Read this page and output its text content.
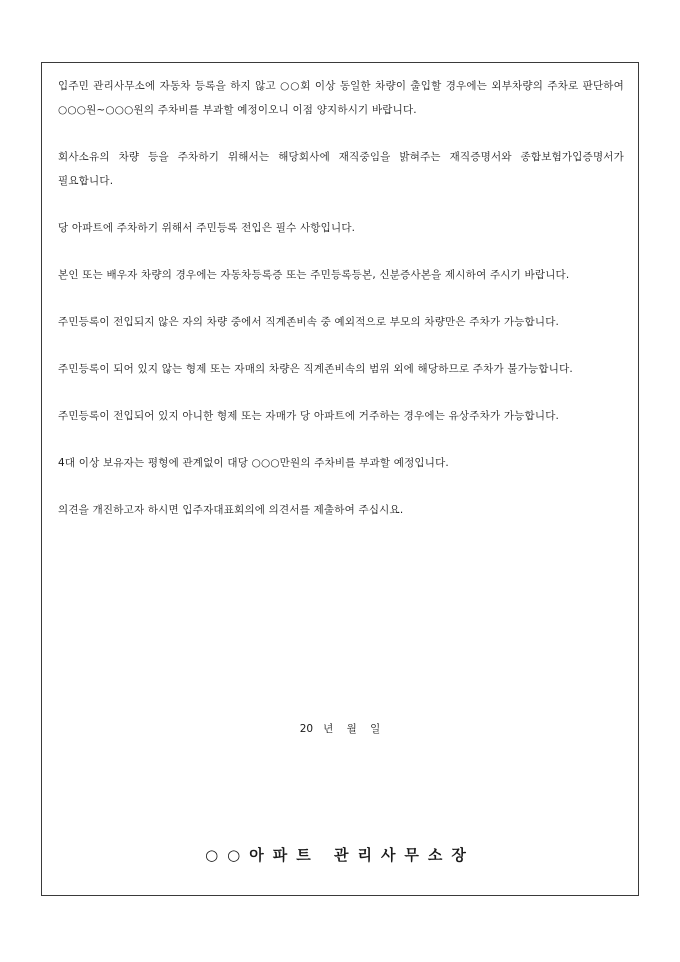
입주민 관리사무소에 자동차 등록을 하지 않고 ○○회 이상 동일한 차량이 출입할 경우에는 외부차량의 주차로 판단하여 ○○○원~○○○원의 주차비를 부과할 예정이오니 이점 양지하시기 바랍니다.

회사소유의 차량 등을 주차하기 위해서는 해당회사에 재직중임을 밝혀주는 재직증명서와 종합보험가입증명서가 필요합니다.

당 아파트에 주차하기 위해서 주민등록 전입은 필수 사항입니다.

본인 또는 배우자 차량의 경우에는 자동차등록증 또는 주민등록등본, 신분증사본을 제시하여 주시기 바랍니다.

주민등록이 전입되지 않은 자의 차량 중에서 직계존비속 중 예외적으로 부모의 차량만은 주차가 가능합니다.

주민등록이 되어 있지 않는 형제 또는 자매의 차량은 직계존비속의 범위 외에 해당하므로 주차가 불가능합니다.

주민등록이 전입되어 있지 아니한 형제 또는 자매가 당 아파트에 거주하는 경우에는 유상주차가 가능합니다.

4대 이상 보유자는 평형에 관계없이 대당 ○○○만원의 주차비를 부과할 예정입니다.

의견을 개진하고자 하시면 입주자대표회의에 의견서를 제출하여 주십시요.

20   년    월    일
○○아파트 관리사무소장
